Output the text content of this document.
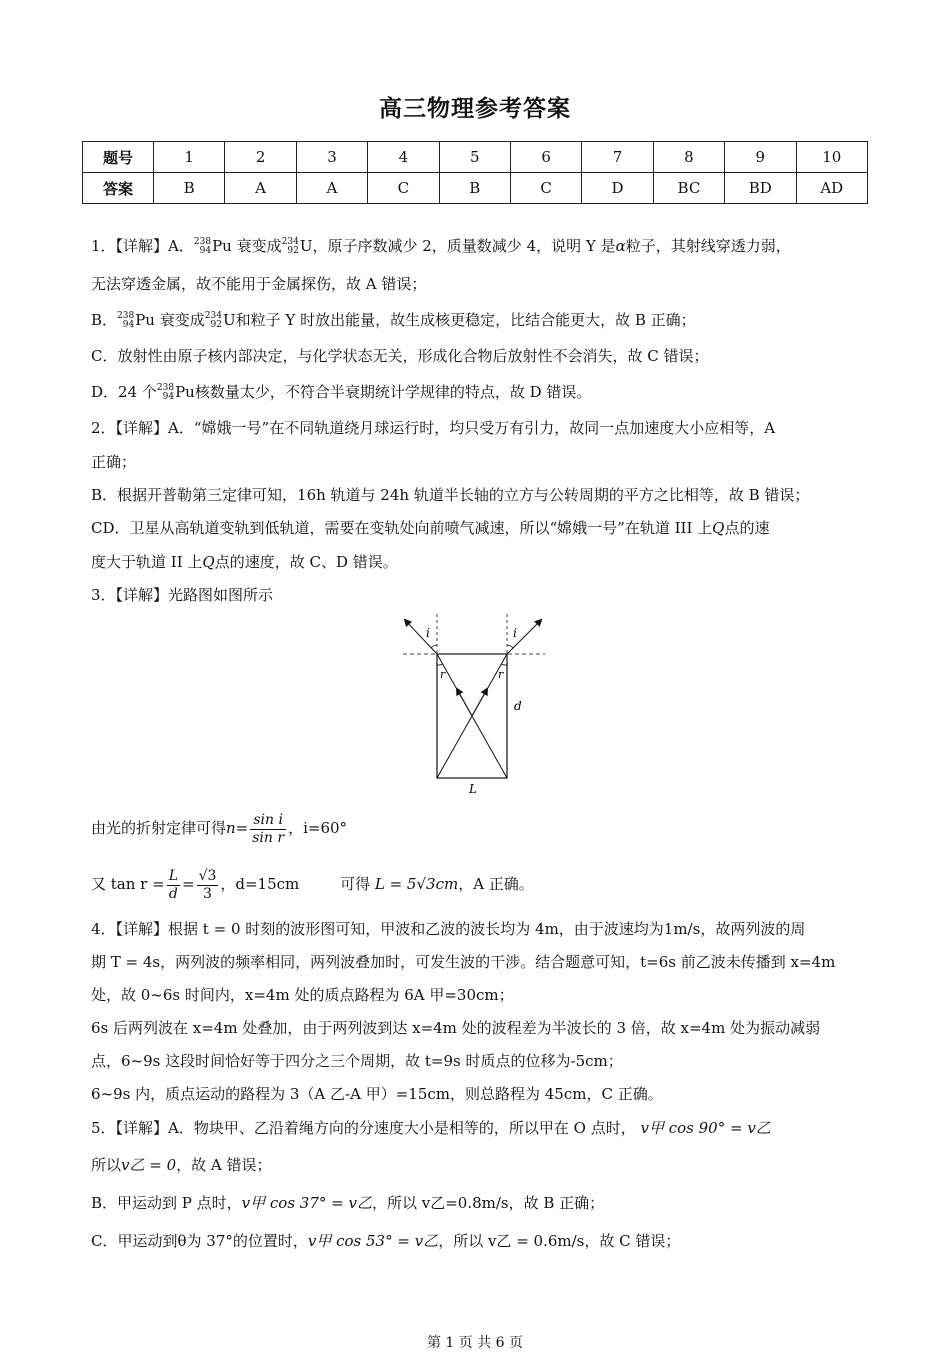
高三物理参考答案
题号	1	2	3	4	5	6	7	8	9	10
答案	B	A	A	C	B	C	D	BC	BD	AD
1．【详解】A． 238
94 Pu 衰变成 234
92 U，原子序数减少 2，质量数减少 4，说明 Y 是α粒子，其射线穿透力弱，
无法穿透金属，故不能用于金属探伤，故 A 错误；
B． 238
94 Pu 衰变成 234
92 U和粒子 Y 时放出能量，故生成核更稳定，比结合能更大，故 B 正确；
C．放射性由原子核内部决定，与化学状态无关，形成化合物后放射性不会消失，故 C 错误；
D．24 个 238
94 Pu核数量太少，不符合半衰期统计学规律的特点，故 D 错误。
2．【详解】A．“嫦娥一号”在不同轨道绕月球运行时，均只受万有引力，故同一点加速度大小应相等，A
正确；
B．根据开普勒第三定律可知，16h 轨道与 24h 轨道半长轴的立方与公转周期的平方之比相等，故 B 错误；
CD．卫星从高轨道变轨到低轨道，需要在变轨处向前喷气减速，所以“嫦娥一号”在轨道 III 上Q点的速
度大于轨道 II 上Q点的速度，故 C、D 错误。
3．【详解】光路图如图所示
i	i
r	r
d
L
由光的折射定律可得$n= \frac{\text{sin i}}{\text{sin r}}$ ，i=60°
又 $\tan r = \frac{L}{d} = \frac{√3}{3}$ ，d=15cm	可得 L = 5√3cm，A 正确。
4．【详解】根据 t = 0 时刻的波形图可知，甲波和乙波的波长均为 4m，由于波速均为1m/s，故两列波的周
期 T = 4s，两列波的频率相同，两列波叠加时，可发生波的干涉。结合题意可知，t=6s 前乙波未传播到 x=4m
处，故 0~6s 时间内，x=4m 处的质点路程为 6A 甲=30cm；
6s 后两列波在 x=4m 处叠加，由于两列波到达 x=4m 处的波程差为半波长的 3 倍，故 x=4m 处为振动减弱
点，6~9s 这段时间恰好等于四分之三个周期，故 t=9s 时质点的位移为-5cm；
6~9s 内，质点运动的路程为 3（A 乙-A 甲）=15cm，则总路程为 45cm，C 正确。
5．【详解】A．物块甲、乙沿着绳方向的分速度大小是相等的，所以甲在 O 点时， v甲 cos 90° = v乙
所以v乙 = 0，故 A 错误；
B．甲运动到 P 点时，v甲 cos 37° = v乙，所以 v乙=0.8m/s，故 B 正确；
C．甲运动到θ为 37°的位置时，v甲 cos 53° = v乙，所以 v乙 = 0.6m/s，故 C 错误；
第 1 页 共 6 页
